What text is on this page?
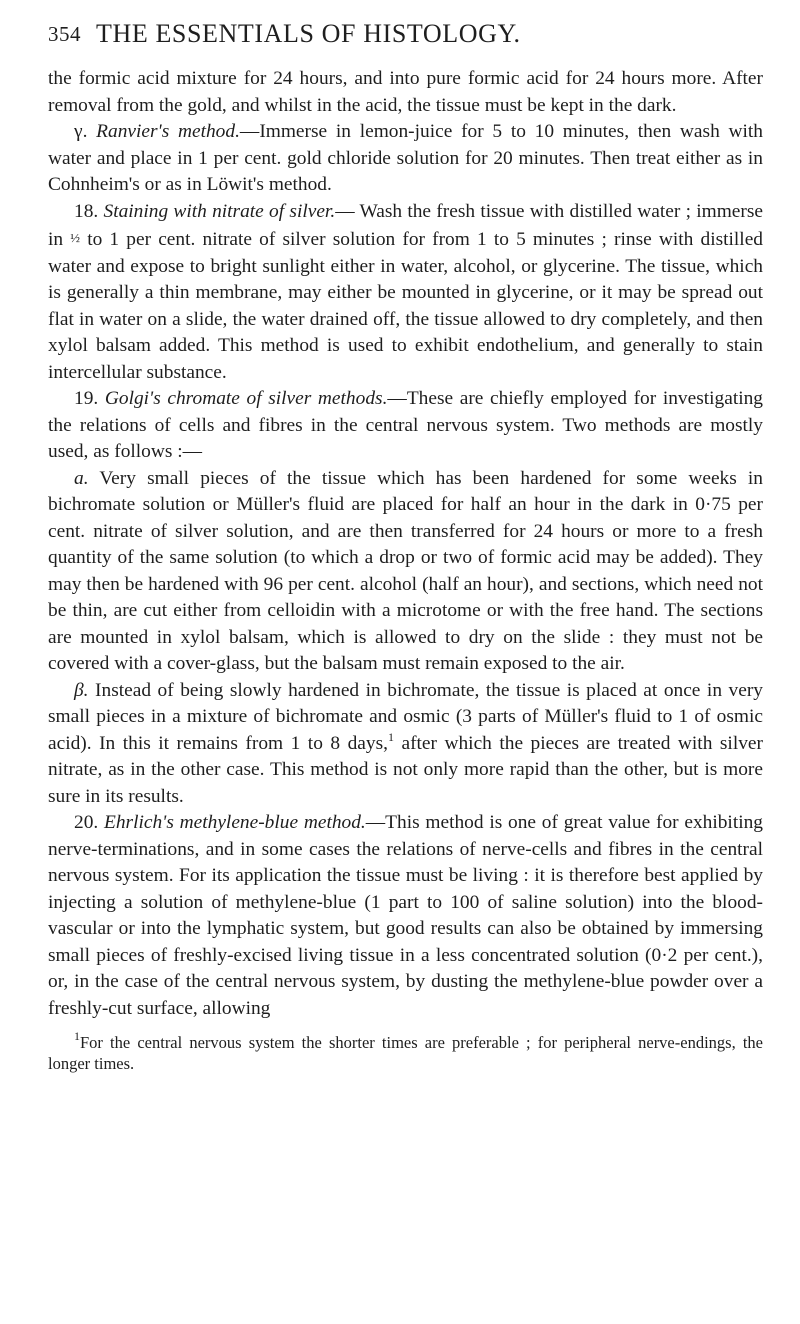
354 THE ESSENTIALS OF HISTOLOGY.

the formic acid mixture for 24 hours, and into pure formic acid for 24 hours more. After removal from the gold, and whilst in the acid, the tissue must be kept in the dark.

γ. Ranvier's method.—Immerse in lemon-juice for 5 to 10 minutes, then wash with water and place in 1 per cent. gold chloride solution for 20 minutes. Then treat either as in Cohnheim's or as in Löwit's method.

18. Staining with nitrate of silver.— Wash the fresh tissue with distilled water ; immerse in ½ to 1 per cent. nitrate of silver solution for from 1 to 5 minutes ; rinse with distilled water and expose to bright sunlight either in water, alcohol, or glycerine. The tissue, which is generally a thin membrane, may either be mounted in glycerine, or it may be spread out flat in water on a slide, the water drained off, the tissue allowed to dry completely, and then xylol balsam added. This method is used to exhibit endothelium, and generally to stain intercellular substance.

19. Golgi's chromate of silver methods.—These are chiefly employed for investigating the relations of cells and fibres in the central nervous system. Two methods are mostly used, as follows :—

a. Very small pieces of the tissue which has been hardened for some weeks in bichromate solution or Müller's fluid are placed for half an hour in the dark in 0·75 per cent. nitrate of silver solution, and are then transferred for 24 hours or more to a fresh quantity of the same solution (to which a drop or two of formic acid may be added). They may then be hardened with 96 per cent. alcohol (half an hour), and sections, which need not be thin, are cut either from celloidin with a microtome or with the free hand. The sections are mounted in xylol balsam, which is allowed to dry on the slide : they must not be covered with a cover-glass, but the balsam must remain exposed to the air.

β. Instead of being slowly hardened in bichromate, the tissue is placed at once in very small pieces in a mixture of bichromate and osmic (3 parts of Müller's fluid to 1 of osmic acid). In this it remains from 1 to 8 days,$^1$ after which the pieces are treated with silver nitrate, as in the other case. This method is not only more rapid than the other, but is more sure in its results.

20. Ehrlich's methylene-blue method.—This method is one of great value for exhibiting nerve-terminations, and in some cases the relations of nerve-cells and fibres in the central nervous system. For its application the tissue must be living : it is therefore best applied by injecting a solution of methylene-blue (1 part to 100 of saline solution) into the blood-vascular or into the lymphatic system, but good results can also be obtained by immersing small pieces of freshly-excised living tissue in a less concentrated solution (0·2 per cent.), or, in the case of the central nervous system, by dusting the methylene-blue powder over a freshly-cut surface, allowing

$^1$For the central nervous system the shorter times are preferable ; for peripheral nerve-endings, the longer times.
